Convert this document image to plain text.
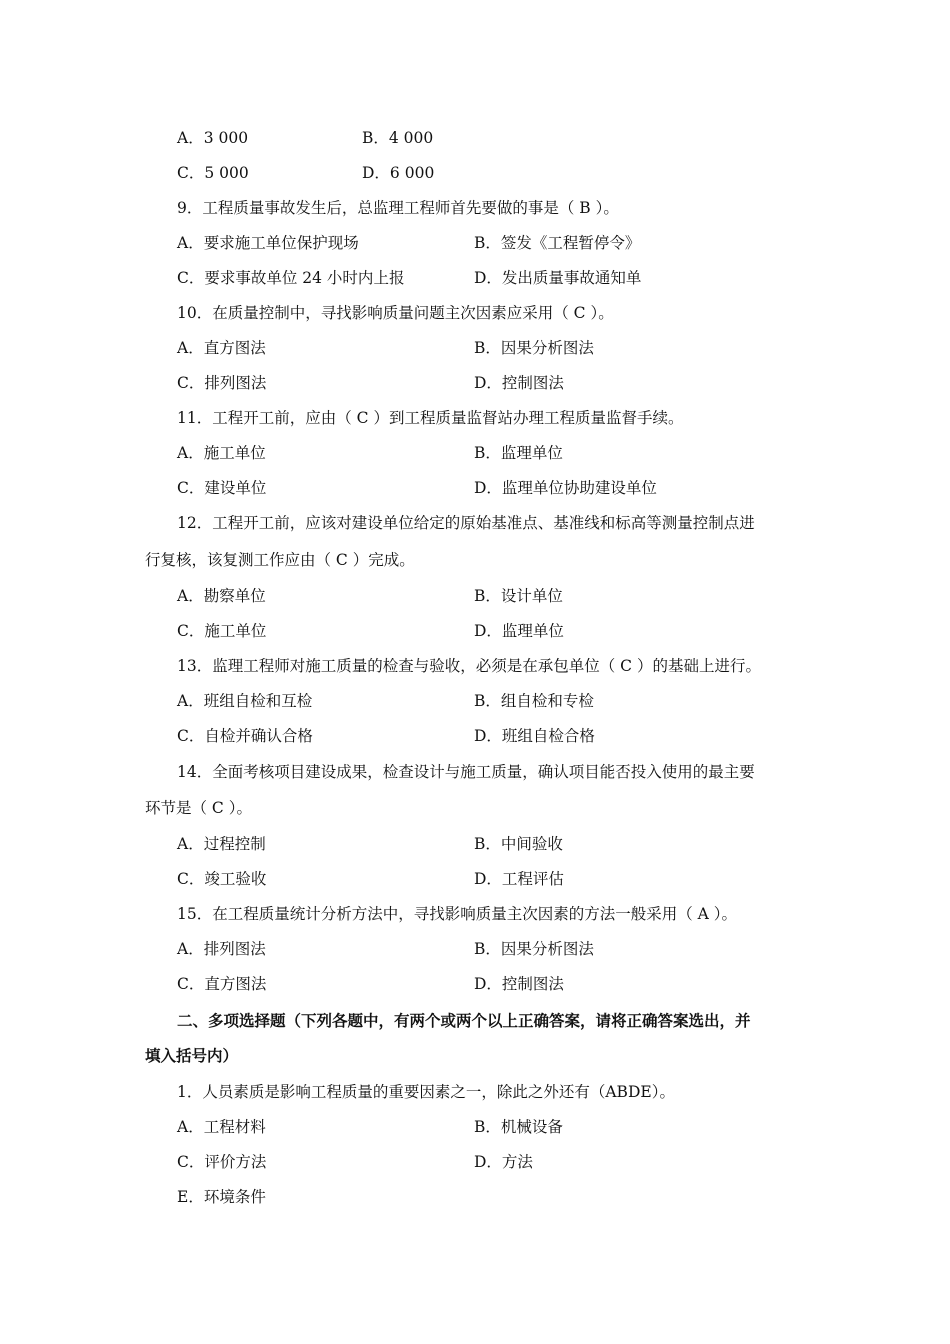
A．3 000	B．4 000
C．5 000	D．6 000
9．工程质量事故发生后，总监理工程师首先要做的事是（ B ）。
A．要求施工单位保护现场	B．签发《工程暂停令》
C．要求事故单位 24 小时内上报	D．发出质量事故通知单
10．在质量控制中，寻找影响质量问题主次因素应采用（ C ）。
A．直方图法	B．因果分析图法
C．排列图法	D．控制图法
11．工程开工前，应由（ C ）到工程质量监督站办理工程质量监督手续。
A．施工单位	B．监理单位
C．建设单位	D．监理单位协助建设单位
12．工程开工前，应该对建设单位给定的原始基准点、基准线和标高等测量控制点进
行复核，该复测工作应由（ C ）完成。
A．勘察单位	B．设计单位
C．施工单位	D．监理单位
13．监理工程师对施工质量的检查与验收，必须是在承包单位（ C ）的基础上进行。
A．班组自检和互检	B．组自检和专检
C．自检并确认合格	D．班组自检合格
14．全面考核项目建设成果，检查设计与施工质量，确认项目能否投入使用的最主要
环节是（ C ）。
A．过程控制	B．中间验收
C．竣工验收	D．工程评估
15．在工程质量统计分析方法中，寻找影响质量主次因素的方法一般采用（ A ）。
A．排列图法	B．因果分析图法
C．直方图法	D．控制图法
二、多项选择题（下列各题中，有两个或两个以上正确答案，请将正确答案选出，并
填入括号内）
1．人员素质是影响工程质量的重要因素之一，除此之外还有（ABDE）。
A．工程材料	B．机械设备
C．评价方法	D．方法
E．环境条件
